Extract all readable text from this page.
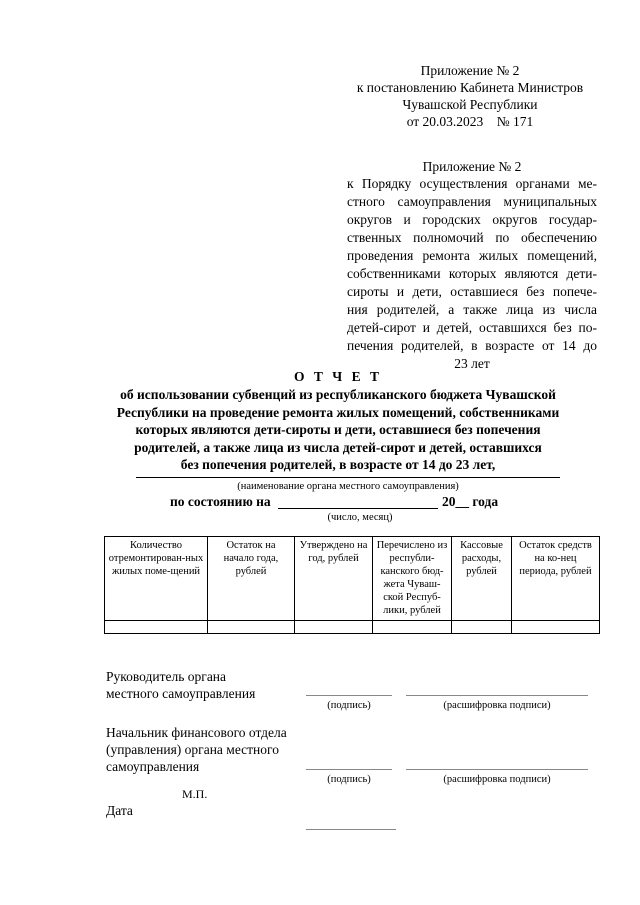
Приложение № 2
к постановлению Кабинета Министров
Чувашской Республики
от 20.03.2023    № 171
Приложение № 2
к Порядку осуществления органами ме-
стного самоуправления муниципальных
округов и городских округов государ-
ственных полномочий по обеспечению
проведения ремонта жилых помещений,
собственниками которых являются дети-
сироты и дети, оставшиеся без попече-
ния родителей, а также лица из числа
детей-сирот и детей, оставшихся без по-
печения родителей, в возрасте от 14 до
23 лет
О Т Ч Е Т
об использовании субвенций из республиканского бюджета Чувашской
Республики на проведение ремонта жилых помещений, собственниками
которых являются дети-сироты и дети, оставшиеся без попечения
родителей, а также лица из числа детей-сирот и детей, оставшихся
без попечения родителей, в возрасте от 14 до 23 лет,
(наименование органа местного самоуправления)
по состоянию на	20__ года
(число, месяц)
Количество отремонтирован-ных жилых поме-щений	Остаток на начало года, рублей	Утверждено на год, рублей	Перечислено из республи-канского бюд-жета Чуваш-ской Респуб-лики, рублей	Кассовые расходы, рублей	Остаток средств на ко-нец периода, рублей

Руководитель органа
местного самоуправления
(подпись)	(расшифровка подписи)
Начальник финансового отдела
(управления) органа местного
самоуправления
(подпись)	(расшифровка подписи)
М.П.
Дата
